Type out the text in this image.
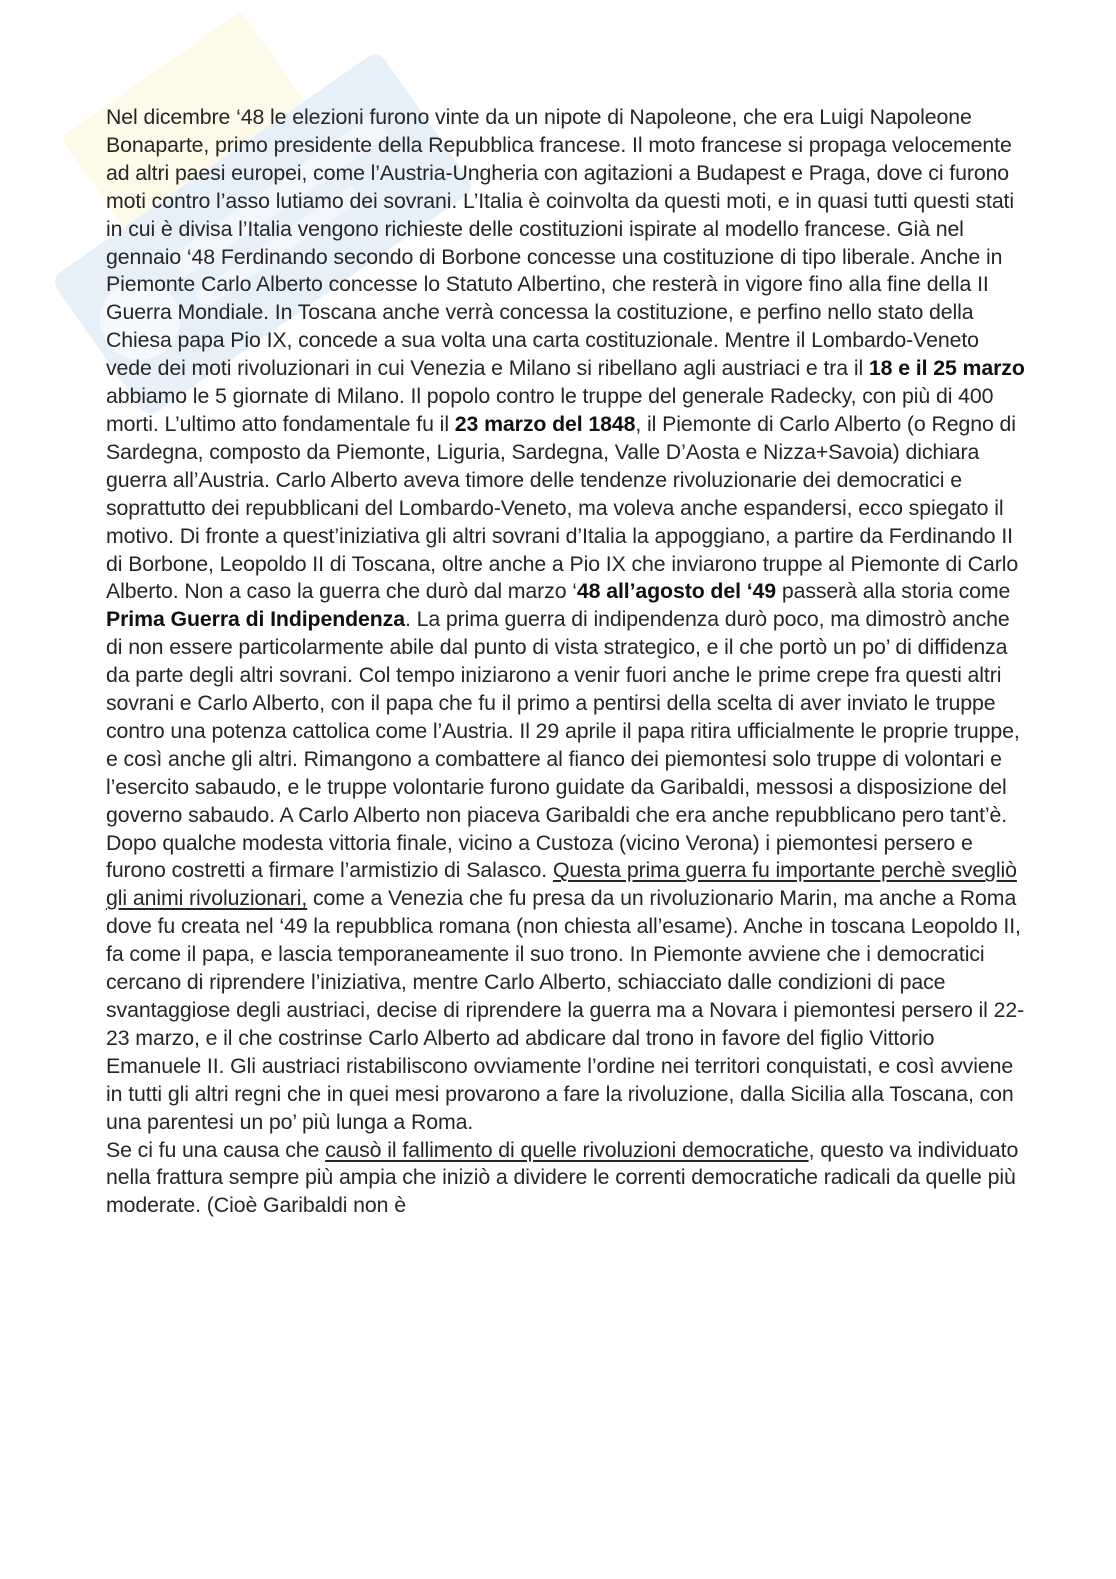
Nel dicembre ‘48 le elezioni furono vinte da un nipote di Napoleone, che era Luigi Napoleone Bonaparte, primo presidente della Repubblica francese. Il moto francese si propaga velocemente ad altri paesi europei, come l’Austria-Ungheria con agitazioni a Budapest e Praga, dove ci furono moti contro l’asso lutiamo dei sovrani. L’Italia è coinvolta da questi moti, e in quasi tutti questi stati in cui è divisa l’Italia vengono richieste delle costituzioni ispirate al modello francese. Già nel gennaio ‘48 Ferdinando secondo di Borbone concesse una costituzione di tipo liberale. Anche in Piemonte Carlo Alberto concesse lo Statuto Albertino, che resterà in vigore fino alla fine della II Guerra Mondiale. In Toscana anche verrà concessa la costituzione, e perfino nello stato della Chiesa papa Pio IX, concede a sua volta una carta costituzionale. Mentre il Lombardo-Veneto vede dei moti rivoluzionari in cui Venezia e Milano si ribellano agli austriaci e tra il 18 e il 25 marzo abbiamo le 5 giornate di Milano. Il popolo contro le truppe del generale Radecky, con più di 400 morti. L’ultimo atto fondamentale fu il 23 marzo del 1848, il Piemonte di Carlo Alberto (o Regno di Sardegna, composto da Piemonte, Liguria, Sardegna, Valle D’Aosta e Nizza+Savoia) dichiara guerra all’Austria. Carlo Alberto aveva timore delle tendenze rivoluzionarie dei democratici e soprattutto dei repubblicani del Lombardo-Veneto, ma voleva anche espandersi, ecco spiegato il motivo. Di fronte a quest’iniziativa gli altri sovrani d’Italia la appoggiano, a partire da Ferdinando II di Borbone, Leopoldo II di Toscana, oltre anche a Pio IX che inviarono truppe al Piemonte di Carlo Alberto. Non a caso la guerra che durò dal marzo ‘48 all’agosto del ‘49 passerà alla storia come Prima Guerra di Indipendenza. La prima guerra di indipendenza durò poco, ma dimostrò anche di non essere particolarmente abile dal punto di vista strategico, e il che portò un po’ di diffidenza da parte degli altri sovrani. Col tempo iniziarono a venir fuori anche le prime crepe fra questi altri sovrani e Carlo Alberto, con il papa che fu il primo a pentirsi della scelta di aver inviato le truppe contro una potenza cattolica come l’Austria. Il 29 aprile il papa ritira ufficialmente le proprie truppe, e così anche gli altri. Rimangono a combattere al fianco dei piemontesi solo truppe di volontari e l’esercito sabaudo, e le truppe volontarie furono guidate da Garibaldi, messosi a disposizione del governo sabaudo. A Carlo Alberto non piaceva Garibaldi che era anche repubblicano pero tant’è. Dopo qualche modesta vittoria finale, vicino a Custoza (vicino Verona) i piemontesi persero e furono costretti a firmare l’armistizio di Salasco. Questa prima guerra fu importante perchè svegliò gli animi rivoluzionari, come a Venezia che fu presa da un rivoluzionario Marin, ma anche a Roma dove fu creata nel ‘49 la repubblica romana (non chiesta all’esame). Anche in toscana Leopoldo II, fa come il papa, e lascia temporaneamente il suo trono. In Piemonte avviene che i democratici cercano di riprendere l’iniziativa, mentre Carlo Alberto, schiacciato dalle condizioni di pace svantaggiose degli austriaci, decise di riprendere la guerra ma a Novara i piemontesi persero il 22-23 marzo, e il che costrinse Carlo Alberto ad abdicare dal trono in favore del figlio Vittorio Emanuele II. Gli austriaci ristabiliscono ovviamente l’ordine nei territori conquistati, e così avviene in tutti gli altri regni che in quei mesi provarono a fare la rivoluzione, dalla Sicilia alla Toscana, con una parentesi un po’ più lunga a Roma.

Se ci fu una causa che causò il fallimento di quelle rivoluzioni democratiche, questo va individuato nella frattura sempre più ampia che iniziò a dividere le correnti democratiche radicali da quelle più moderate. (Cioè Garibaldi non è
